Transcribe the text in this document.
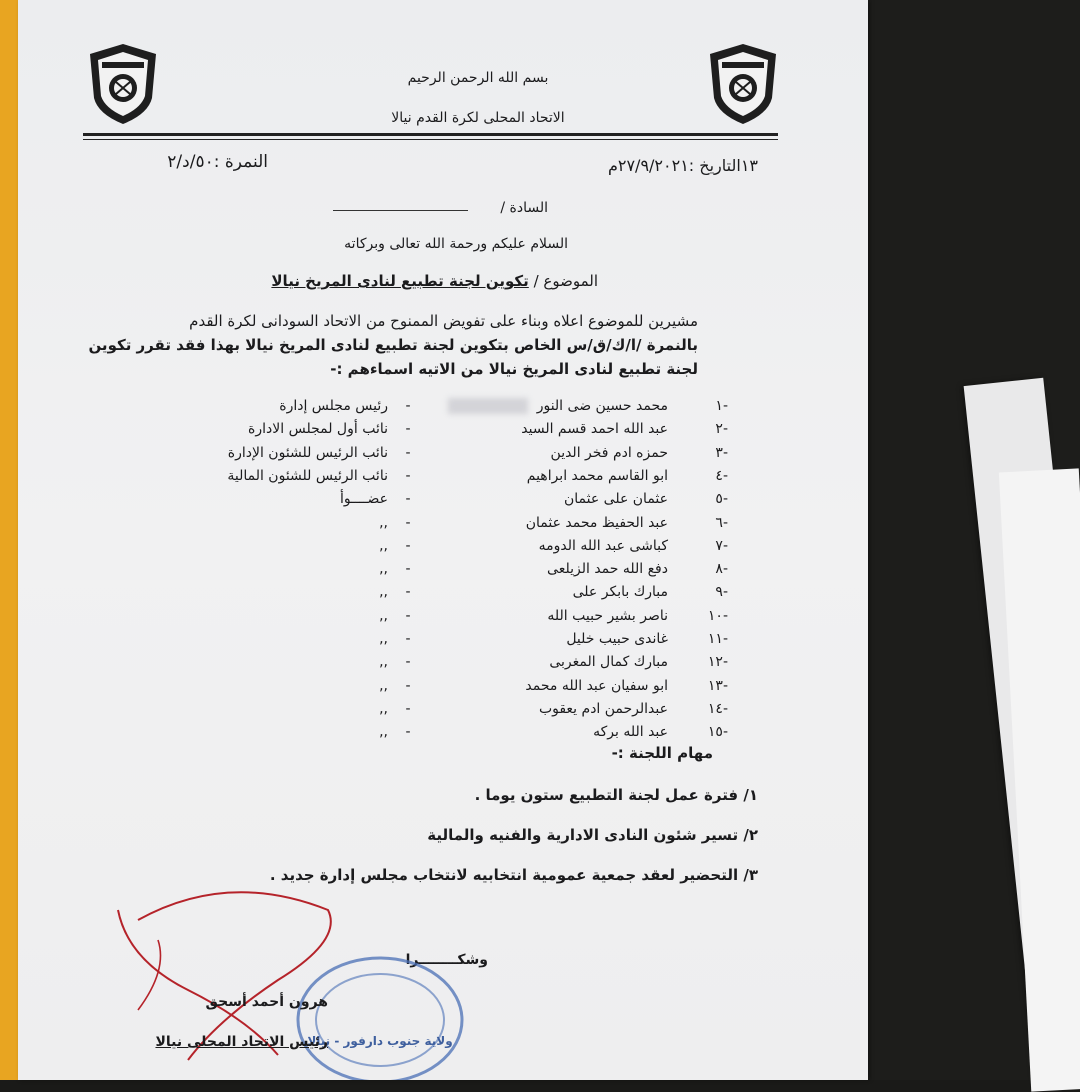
بسم الله الرحمن الرحيم
الاتحاد المحلى لكرة القدم نيالا
١٣التاريخ :٢٧/٩/٢٠٢١م
النمرة :٥٠/د/٢
السادة /
السلام عليكم ورحمة الله تعالى وبركاته
الموضوع / تكوين لجنة تطبيع لنادى المريخ نيالا
مشيرين للموضوع اعلاه وبناء على تفويض الممنوح من الاتحاد السودانى لكرة القدم
بالنمرة /ا/ك/ق/س الخاص بتكوين لجنة تطبيع لنادى المريخ نيالا بهذا فقد تقرر تكوين
لجنة تطبيع لنادى المريخ نيالا من الاتيه اسماءهم :-
-١
محمد حسين ضى النور
-
رئيس مجلس إدارة
-٢
عبد الله احمد قسم السيد
-
نائب أول لمجلس الادارة
-٣
حمزه ادم فخر الدين
-
نائب الرئيس للشئون الإدارة
-٤
ابو القاسم محمد ابراهيم
-
نائب الرئيس للشئون المالية
-٥
عثمان على عثمان
-
عضــــوأ
-٦
عبد الحفيظ محمد عثمان
-
,,
-٧
كباشى عبد الله الدومه
-
,,
-٨
دفع الله حمد الزيلعى
-
,,
-٩
مبارك بابكر على
-
,,
-١٠
ناصر بشير حبيب الله
-
,,
-١١
غاندى حبيب خليل
-
,,
-١٢
مبارك كمال المغربى
-
,,
-١٣
ابو سفيان عبد الله محمد
-
,,
-١٤
عبدالرحمن ادم يعقوب
-
,,
-١٥
عبد الله بركه
-
,,
مهام اللجنة :-
١/ فترة عمل لجنة التطبيع ستون يوما .
٢/ تسير شئون النادى الادارية والفنيه والمالية
٣/ التحضير لعقد جمعية عمومية انتخابيه لانتخاب مجلس إدارة جديد .
وشكــــــــرا
ولاية جنوب دارفور - نيالا
هرون أحمد أسحق
رئيس الاتحاد المحلى نيالا
